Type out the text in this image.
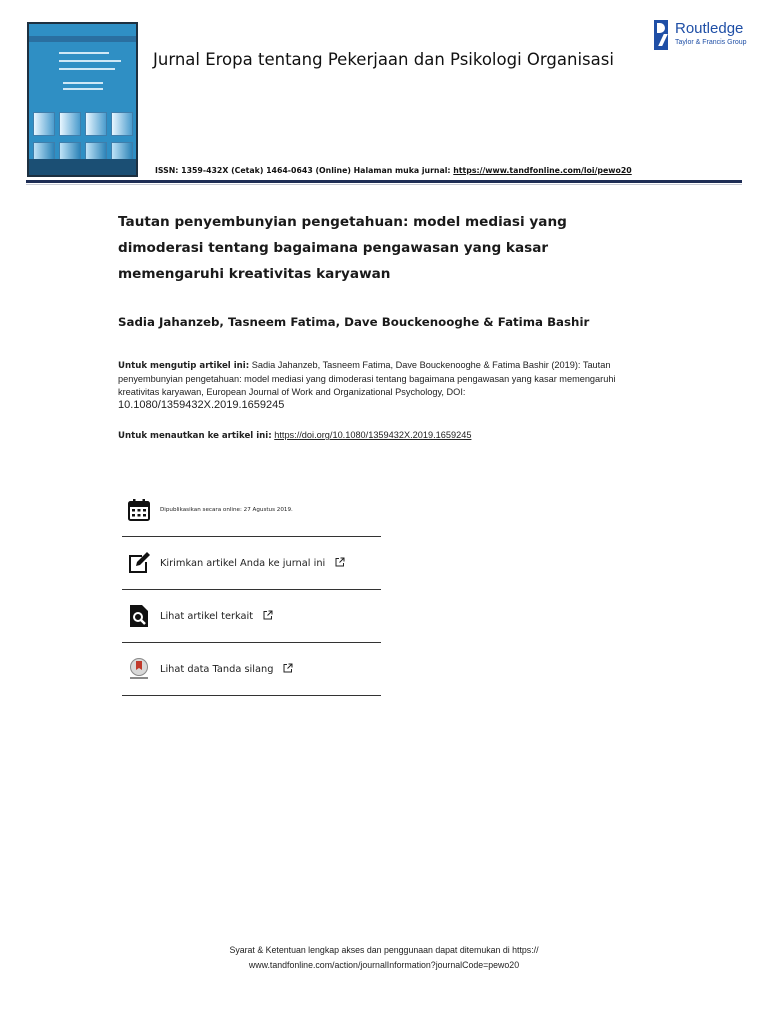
Jurnal Eropa tentang Pekerjaan dan Psikologi Organisasi
Routledge
Taylor & Francis Group
ISSN: 1359-432X (Cetak) 1464-0643 (Online) Halaman muka jurnal: https://www.tandfonline.com/loi/pewo20
Tautan penyembunyian pengetahuan: model mediasi yang dimoderasi tentang bagaimana pengawasan yang kasar memengaruhi kreativitas karyawan
Sadia Jahanzeb, Tasneem Fatima, Dave Bouckenooghe & Fatima Bashir
Untuk mengutip artikel ini: Sadia Jahanzeb, Tasneem Fatima, Dave Bouckenooghe & Fatima Bashir (2019): Tautan penyembunyian pengetahuan: model mediasi yang dimoderasi tentang bagaimana pengawasan yang kasar memengaruhi kreativitas karyawan, European Journal of Work and Organizational Psychology, DOI:
10.1080/1359432X.2019.1659245
Untuk menautkan ke artikel ini: https://doi.org/10.1080/1359432X.2019.1659245
Dipublikasikan secara online: 27 Agustus 2019.
Kirimkan artikel Anda ke jurnal ini
Lihat artikel terkait
Lihat data Tanda silang
Syarat & Ketentuan lengkap akses dan penggunaan dapat ditemukan di https://
www.tandfonline.com/action/journalInformation?journalCode=pewo20
